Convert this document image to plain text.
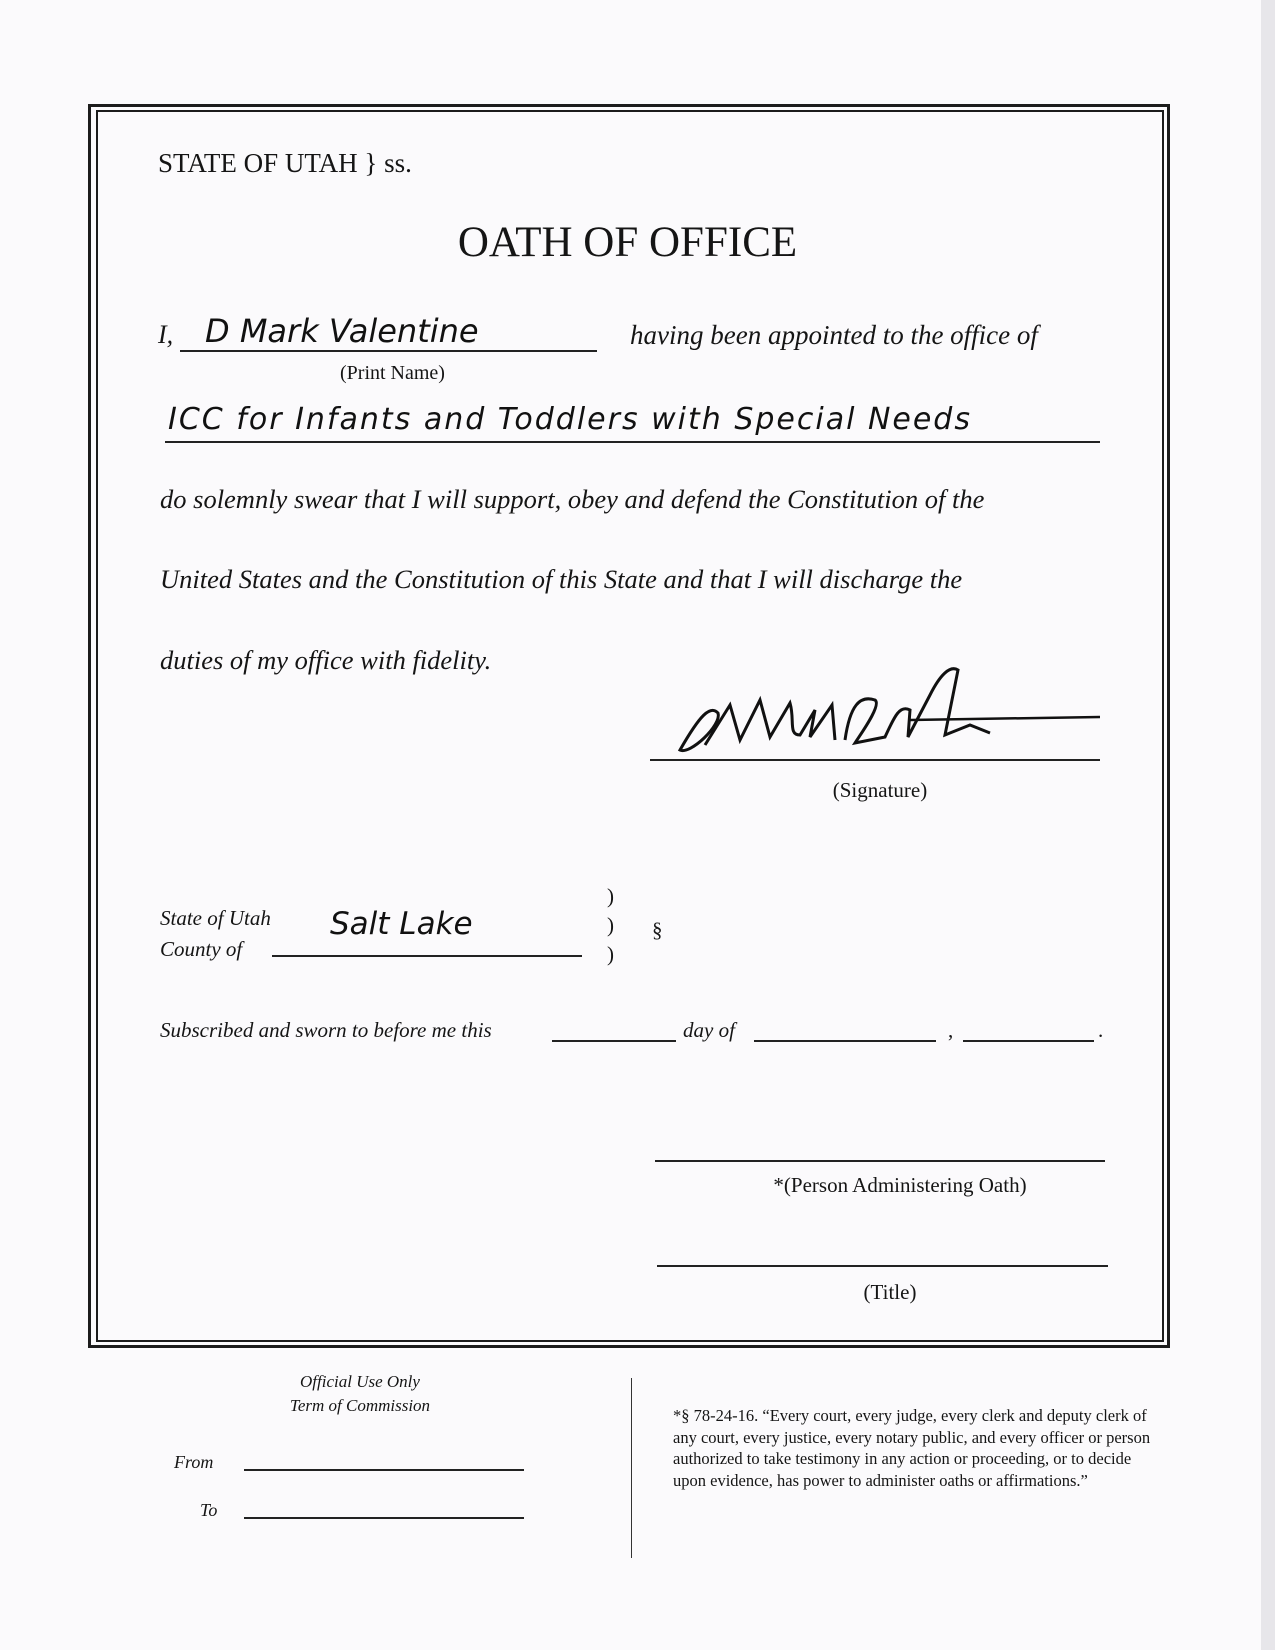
STATE OF UTAH } ss.
OATH OF OFFICE
I, D Mark Valentine	having been appointed to the office of
(Print Name)
ICC for Infants and Toddlers with Special Needs
do solemnly swear that I will support, obey and defend the Constitution of the
United States and the Constitution of this State and that I will discharge the
duties of my office with fidelity.	D Mark Valentine
(Signature)
State of Utah
County of
Salt Lake
)
)
)
§
Subscribed and sworn to before me this	day of	,	.
*(Person Administering Oath)
(Title)
Official Use Only
Term of Commission
From
To
*§ 78-24-16. “Every court, every judge, every clerk and deputy clerk of any court, every justice, every notary public, and every officer or person authorized to take testimony in any action or proceeding, or to decide upon evidence, has power to administer oaths or affirmations.”
